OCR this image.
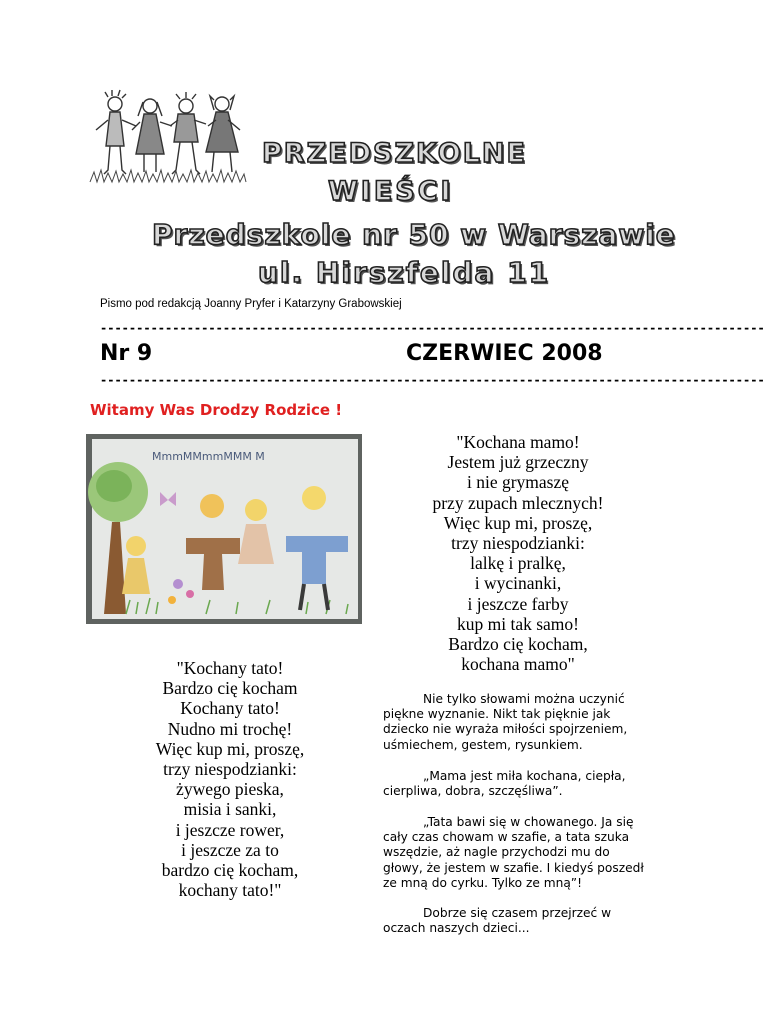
PRZEDSZKOLNE
WIEŚCI
Przedszkole nr 50 w Warszawie
ul. Hirszfelda 11
Pismo pod redakcją Joanny Pryfer i Katarzyny Grabowskiej
--------------------------------------------------------------------------------------------
Nr 9	CZERWIEC 2008
--------------------------------------------------------------------------------------------
Witamy Was Drodzy Rodzice !
MmmMMmmMMM M
"Kochana mamo!
Jestem już grzeczny
i nie grymaszę
przy zupach mlecznych!
Więc kup mi, proszę,
trzy niespodzianki:
lalkę i pralkę,
i wycinanki,
i jeszcze farby
kup mi tak samo!
Bardzo cię kocham,
kochana mamo"
"Kochany tato!
Bardzo cię kocham
Kochany tato!
Nudno mi trochę!
Więc kup mi, proszę,
trzy niespodzianki:
żywego pieska,
misia i sanki,
i jeszcze rower,
i jeszcze za to
bardzo cię kocham,
kochany tato!"

Nie tylko słowami można uczynić piękne wyznanie. Nikt tak pięknie jak dziecko nie wyraża miłości spojrzeniem, uśmiechem, gestem, rysunkiem.

„Mama jest miła kochana, ciepła, cierpliwa, dobra, szczęśliwa”.

„Tata bawi się w chowanego. Ja się cały czas chowam w szafie, a tata szuka wszędzie, aż nagle przychodzi mu do głowy, że jestem w szafie. I kiedyś poszedł ze mną do cyrku. Tylko ze mną”!

Dobrze się czasem przejrzeć w oczach naszych dzieci...
